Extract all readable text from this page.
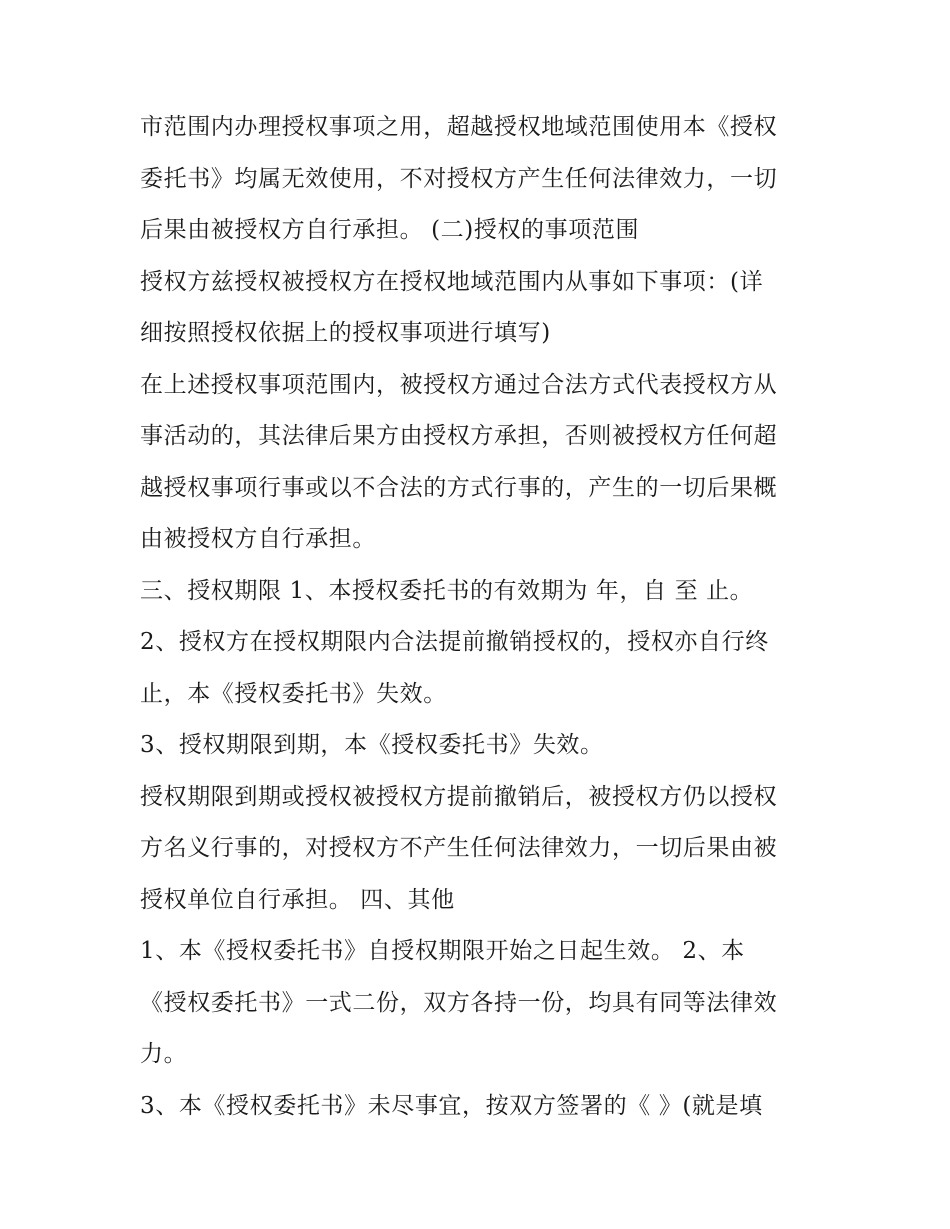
市范围内办理授权事项之用，超越授权地域范围使用本《授权
委托书》均属无效使用，不对授权方产生任何法律效力，一切
后果由被授权方自行承担。 (二)授权的事项范围
授权方兹授权被授权方在授权地域范围内从事如下事项：(详
细按照授权依据上的授权事项进行填写)
在上述授权事项范围内，被授权方通过合法方式代表授权方从
事活动的，其法律后果方由授权方承担，否则被授权方任何超
越授权事项行事或以不合法的方式行事的，产生的一切后果概
由被授权方自行承担。
三、授权期限 1、本授权委托书的有效期为 年，自 至 止。
2、授权方在授权期限内合法提前撤销授权的，授权亦自行终
止，本《授权委托书》失效。
3、授权期限到期，本《授权委托书》失效。
授权期限到期或授权被授权方提前撤销后，被授权方仍以授权
方名义行事的，对授权方不产生任何法律效力，一切后果由被
授权单位自行承担。 四、其他
1、本《授权委托书》自授权期限开始之日起生效。 2、本
《授权委托书》一式二份，双方各持一份，均具有同等法律效
力。
3、本《授权委托书》未尽事宜，按双方签署的《 》(就是填
